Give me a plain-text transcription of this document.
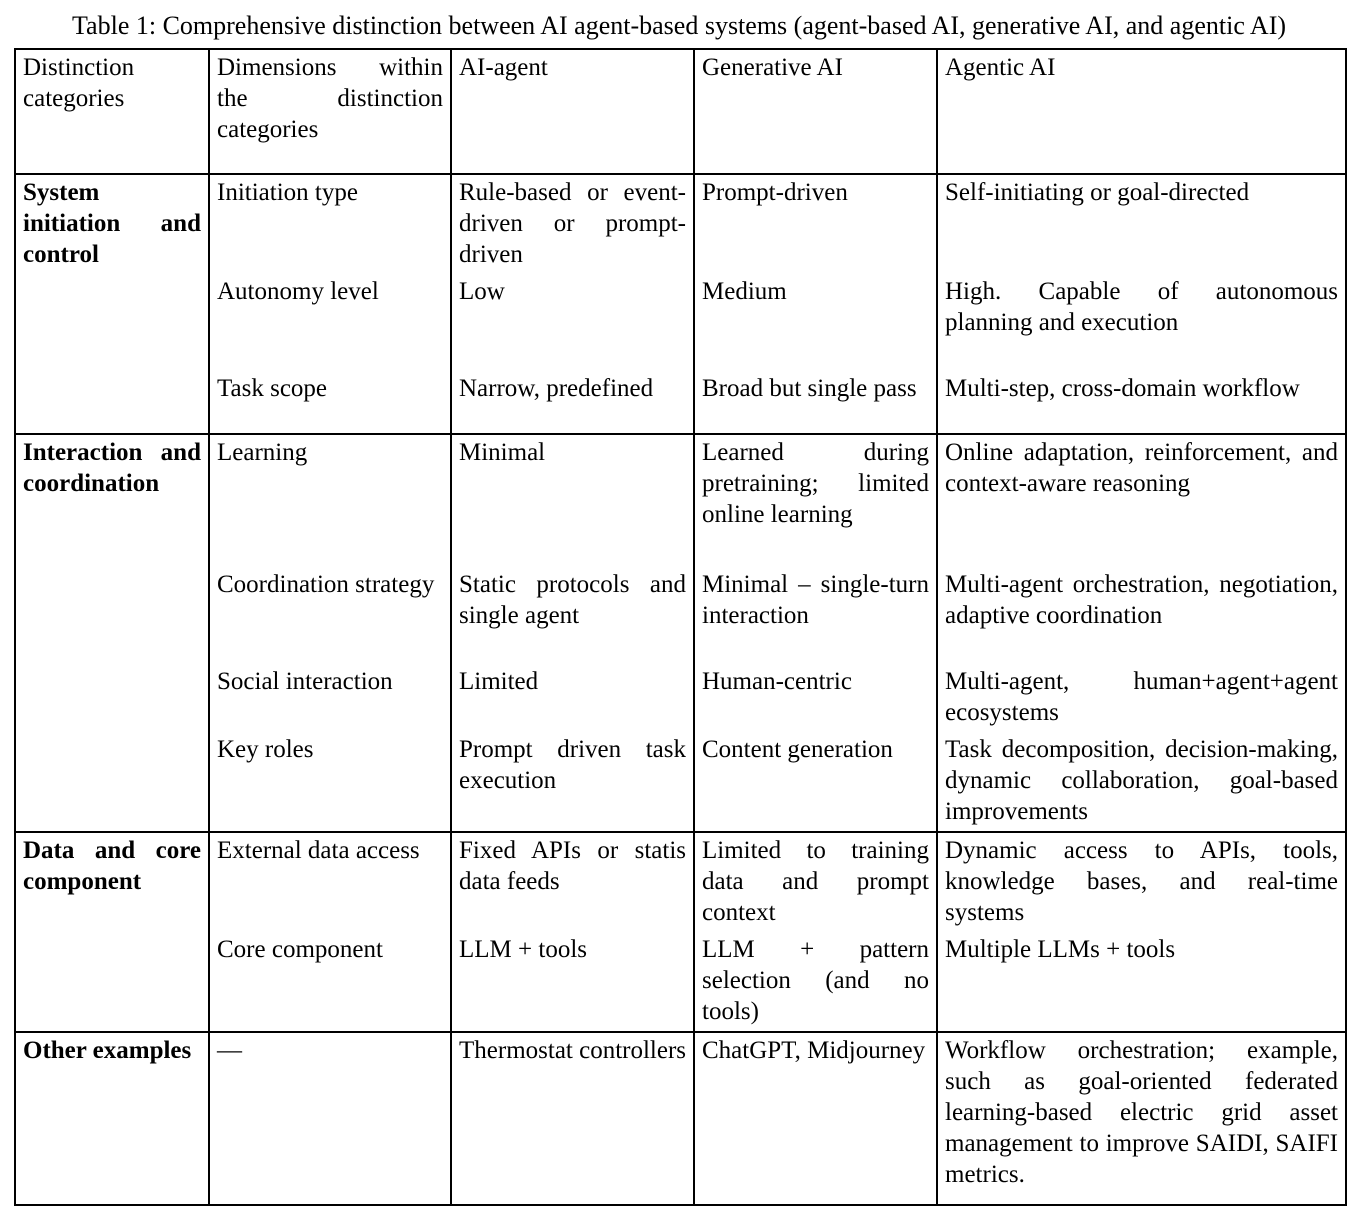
Table 1: Comprehensive distinction between AI agent-based systems (agent-based AI, generative AI, and agentic AI)
Distinction categories	Dimensions within the distinction categories	AI-agent	Generative AI	Agentic AI
System initiation and control	Initiation type	Rule-based or event-driven or prompt-driven	Prompt-driven	Self-initiating or goal-directed
	Autonomy level	Low	Medium	High. Capable of autonomous planning and execution
	Task scope	Narrow, predefined	Broad but single pass	Multi-step, cross-domain workflow
Interaction and coordination	Learning	Minimal	Learned during pretraining; limited online learning	Online adaptation, reinforcement, and context-aware reasoning
	Coordination strategy	Static protocols and single agent	Minimal – single-turn interaction	Multi-agent orchestration, negotiation, adaptive coordination
	Social interaction	Limited	Human-centric	Multi-agent, human+agent+agent ecosystems
	Key roles	Prompt driven task execution	Content generation	Task decomposition, decision-making, dynamic collaboration, goal-based improvements
Data and core component	External data access	Fixed APIs or statis data feeds	Limited to training data and prompt context	Dynamic access to APIs, tools, knowledge bases, and real-time systems
	Core component	LLM + tools	LLM + pattern selection (and no tools)	Multiple LLMs + tools
Other examples	—	Thermostat controllers	ChatGPT, Midjourney	Workflow orchestration; example, such as goal-oriented federated learning-based electric grid asset management to improve SAIDI, SAIFI metrics.
